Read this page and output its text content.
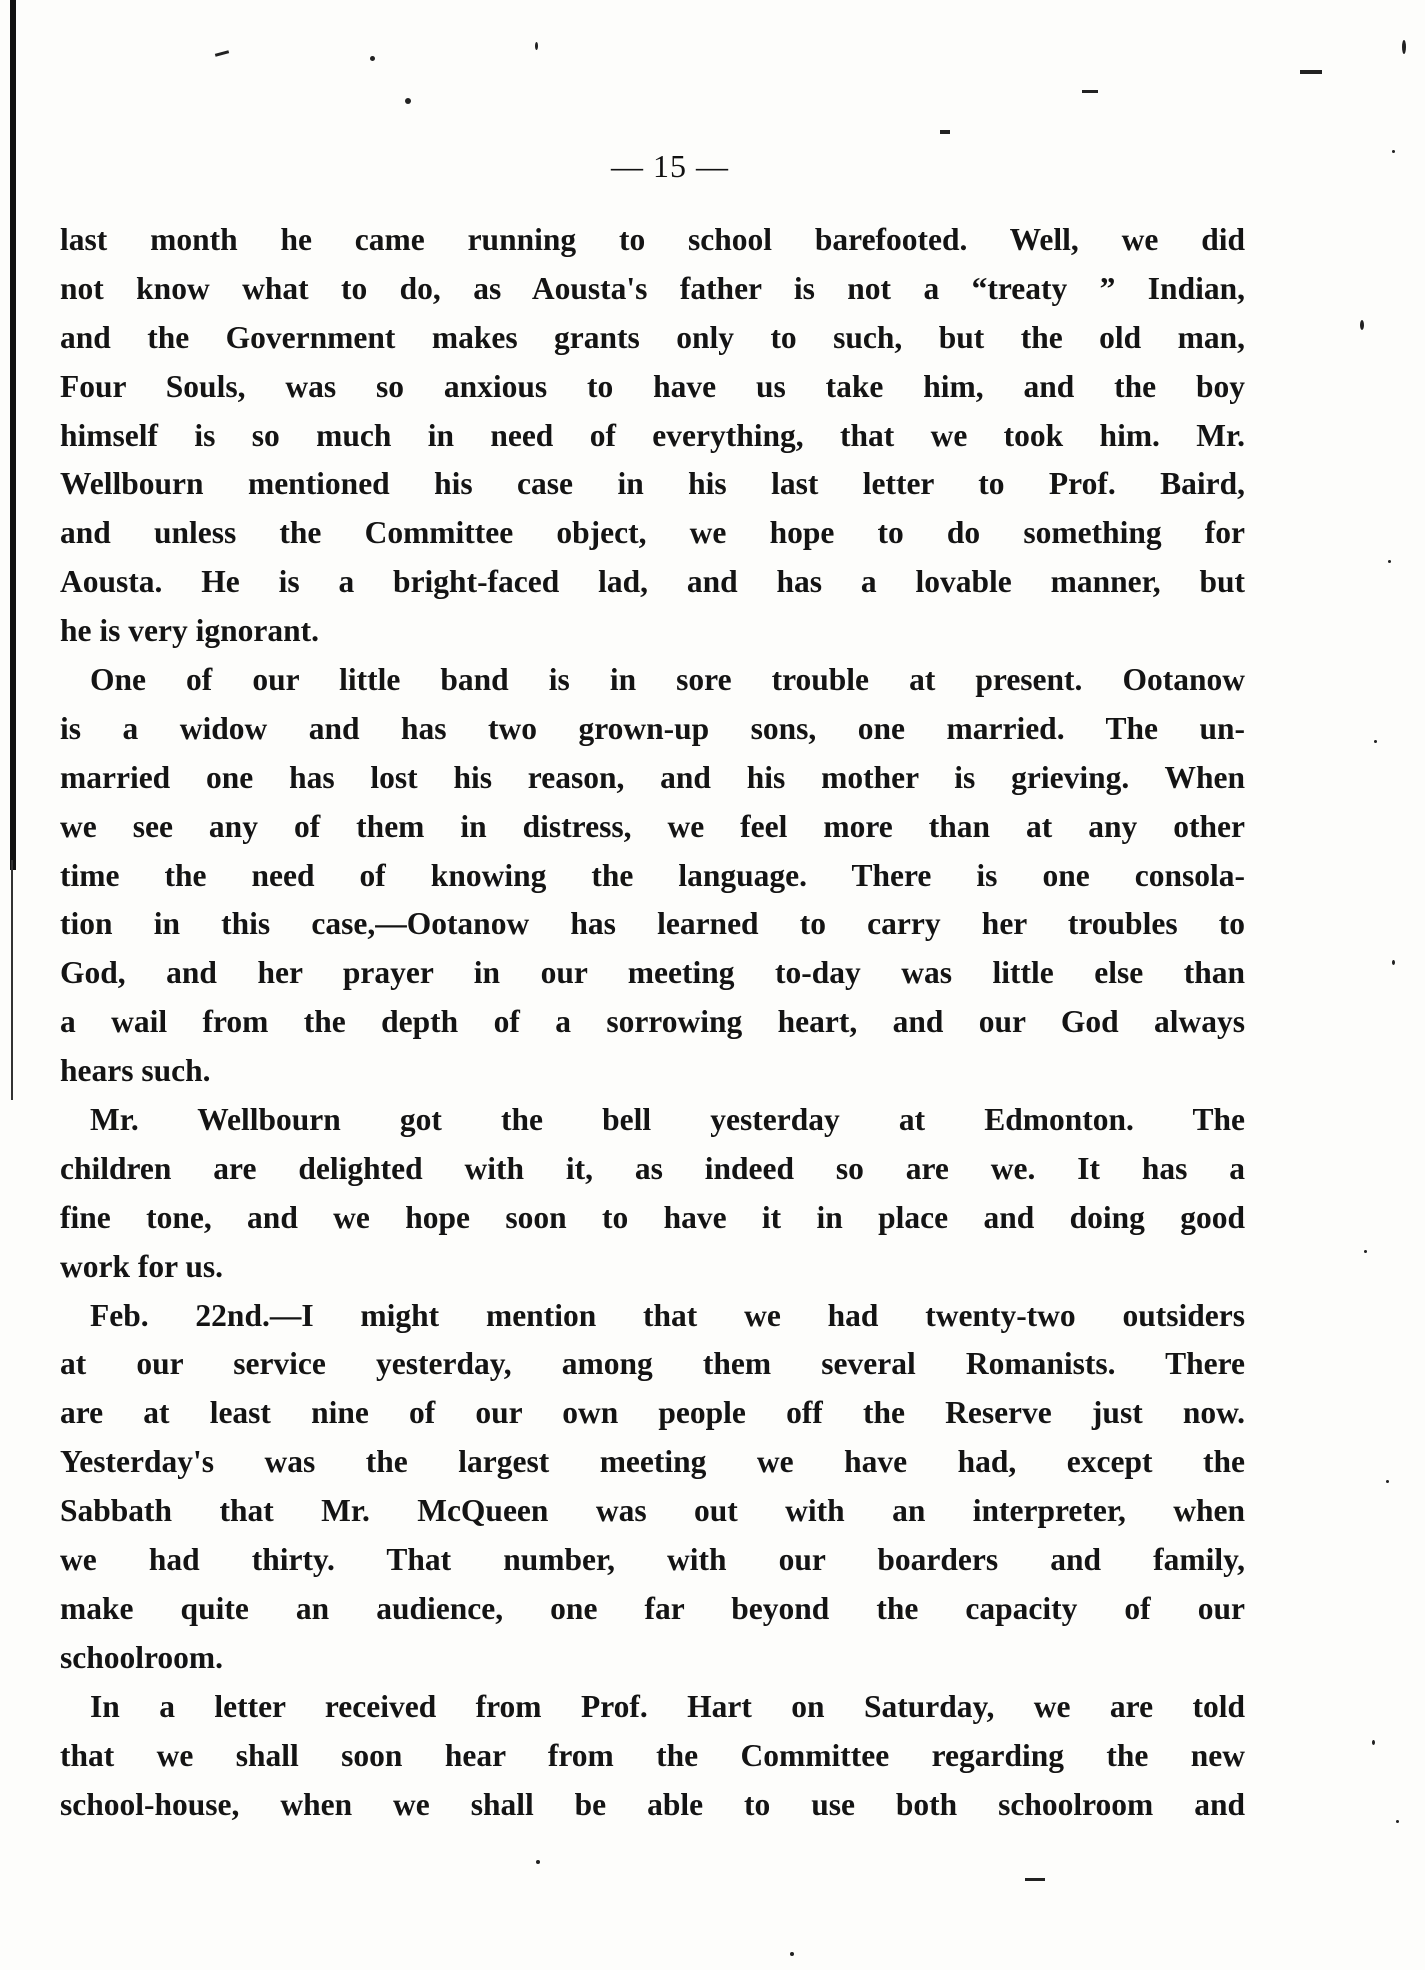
— 15 —
last month he came running to school barefooted. Well, we did
not know what to do, as Aousta's father is not a “treaty ” Indian,
and the Government makes grants only to such, but the old man,
Four Souls, was so anxious to have us take him, and the boy
himself is so much in need of everything, that we took him. Mr.
Wellbourn mentioned his case in his last letter to Prof. Baird,
and unless the Committee object, we hope to do something for
Aousta. He is a bright-faced lad, and has a lovable manner, but
he is very ignorant.
One of our little band is in sore trouble at present. Ootanow
is a widow and has two grown-up sons, one married. The un-
married one has lost his reason, and his mother is grieving. When
we see any of them in distress, we feel more than at any other
time the need of knowing the language. There is one consola-
tion in this case,—Ootanow has learned to carry her troubles to
God, and her prayer in our meeting to-day was little else than
a wail from the depth of a sorrowing heart, and our God always
hears such.
Mr. Wellbourn got the bell yesterday at Edmonton. The
children are delighted with it, as indeed so are we. It has a
fine tone, and we hope soon to have it in place and doing good
work for us.
Feb. 22nd.—I might mention that we had twenty-two outsiders
at our service yesterday, among them several Romanists. There
are at least nine of our own people off the Reserve just now.
Yesterday's was the largest meeting we have had, except the
Sabbath that Mr. McQueen was out with an interpreter, when
we had thirty. That number, with our boarders and family,
make quite an audience, one far beyond the capacity of our
schoolroom.
In a letter received from Prof. Hart on Saturday, we are told
that we shall soon hear from the Committee regarding the new
school-house, when we shall be able to use both schoolroom and
